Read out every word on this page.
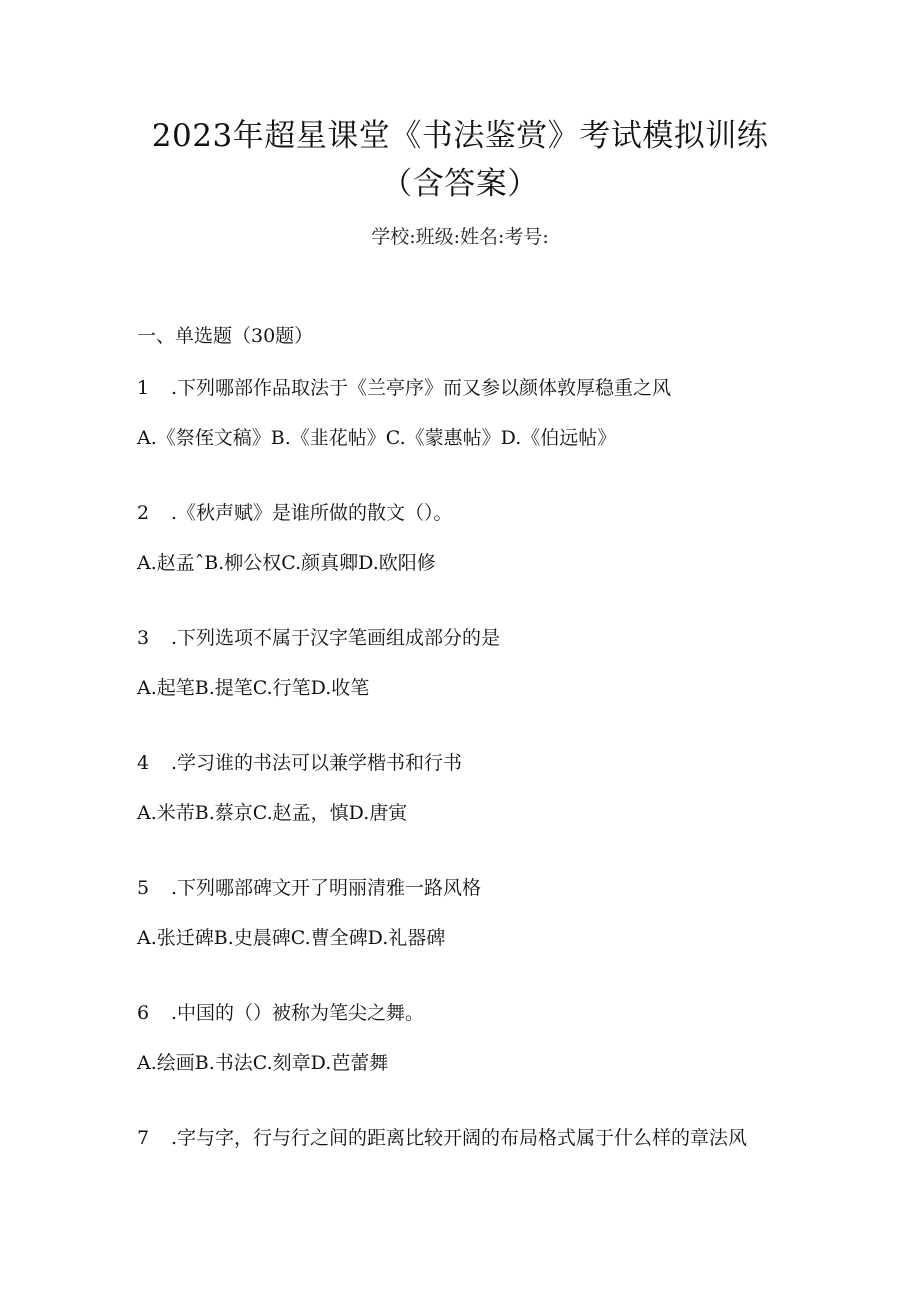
2023年超星课堂《书法鉴赏》考试模拟训练
（含答案）
学校:班级:姓名:考号:
一、单选题（30题）
1 .下列哪部作品取法于《兰亭序》而又参以颜体敦厚稳重之风
A.《祭侄文稿》B.《韭花帖》C.《蒙惠帖》D.《伯远帖》
2 .《秋声赋》是谁所做的散文（）。
A.赵孟ˆB.柳公权C.颜真卿D.欧阳修
3 .下列选项不属于汉字笔画组成部分的是
A.起笔B.提笔C.行笔D.收笔
4 .学习谁的书法可以兼学楷书和行书
A.米芾B.蔡京C.赵孟，慎D.唐寅
5 .下列哪部碑文开了明丽清雅一路风格
A.张迁碑B.史晨碑C.曹全碑D.礼器碑
6 .中国的（）被称为笔尖之舞。
A.绘画B.书法C.刻章D.芭蕾舞
7 .字与字，行与行之间的距离比较开阔的布局格式属于什么样的章法风
